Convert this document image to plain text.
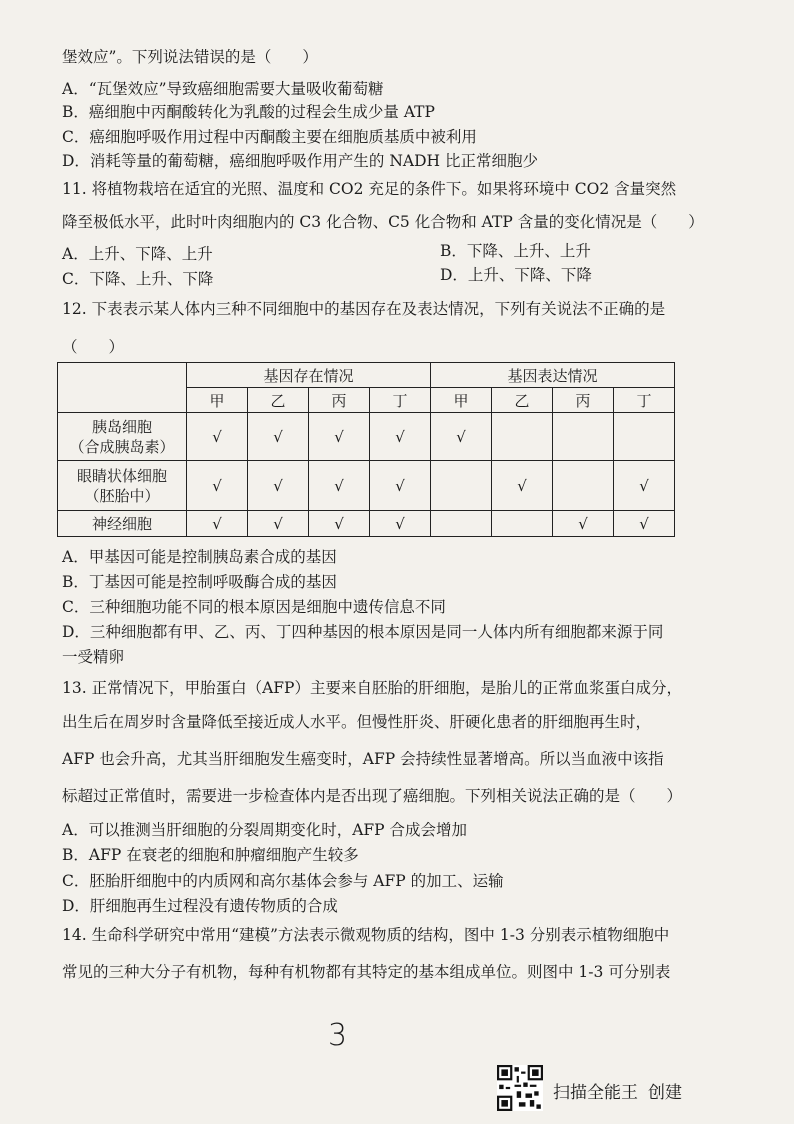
堡效应”。下列说法错误的是（　　）
A．“瓦堡效应”导致癌细胞需要大量吸收葡萄糖
B．癌细胞中丙酮酸转化为乳酸的过程会生成少量 ATP
C．癌细胞呼吸作用过程中丙酮酸主要在细胞质基质中被利用
D．消耗等量的葡萄糖，癌细胞呼吸作用产生的 NADH 比正常细胞少
11. 将植物栽培在适宜的光照、温度和 CO2 充足的条件下。如果将环境中 CO2 含量突然
降至极低水平，此时叶肉细胞内的 C3 化合物、C5 化合物和 ATP 含量的变化情况是（　　）
A．上升、下降、上升	B．下降、上升、上升
C．下降、上升、下降	D．上升、下降、下降
12. 下表表示某人体内三种不同细胞中的基因存在及表达情况，下列有关说法不正确的是
（　　）
	基因存在情况				基因表达情况			
	甲	乙	丙	丁	甲	乙	丙	丁

胰岛细胞
（合成胰岛素）	√	√	√	√	√			

眼睛状体细胞
（胚胎中）	√	√	√	√		√		√
神经细胞	√	√	√	√			√	√
A．甲基因可能是控制胰岛素合成的基因
B．丁基因可能是控制呼吸酶合成的基因
C．三种细胞功能不同的根本原因是细胞中遗传信息不同
D．三种细胞都有甲、乙、丙、丁四种基因的根本原因是同一人体内所有细胞都来源于同
一受精卵
13. 正常情况下，甲胎蛋白（AFP）主要来自胚胎的肝细胞，是胎儿的正常血浆蛋白成分，
出生后在周岁时含量降低至接近成人水平。但慢性肝炎、肝硬化患者的肝细胞再生时，
AFP 也会升高，尤其当肝细胞发生癌变时，AFP 会持续性显著增高。所以当血液中该指
标超过正常值时，需要进一步检查体内是否出现了癌细胞。下列相关说法正确的是（　　）
A．可以推测当肝细胞的分裂周期变化时，AFP 合成会增加
B．AFP 在衰老的细胞和肿瘤细胞产生较多
C．胚胎肝细胞中的内质网和高尔基体会参与 AFP 的加工、运输
D．肝细胞再生过程没有遗传物质的合成
14. 生命科学研究中常用“建模”方法表示微观物质的结构，图中 1-3 分别表示植物细胞中
常见的三种大分子有机物，每种有机物都有其特定的基本组成单位。则图中 1-3 可分别表
3
扫描全能王 创建
